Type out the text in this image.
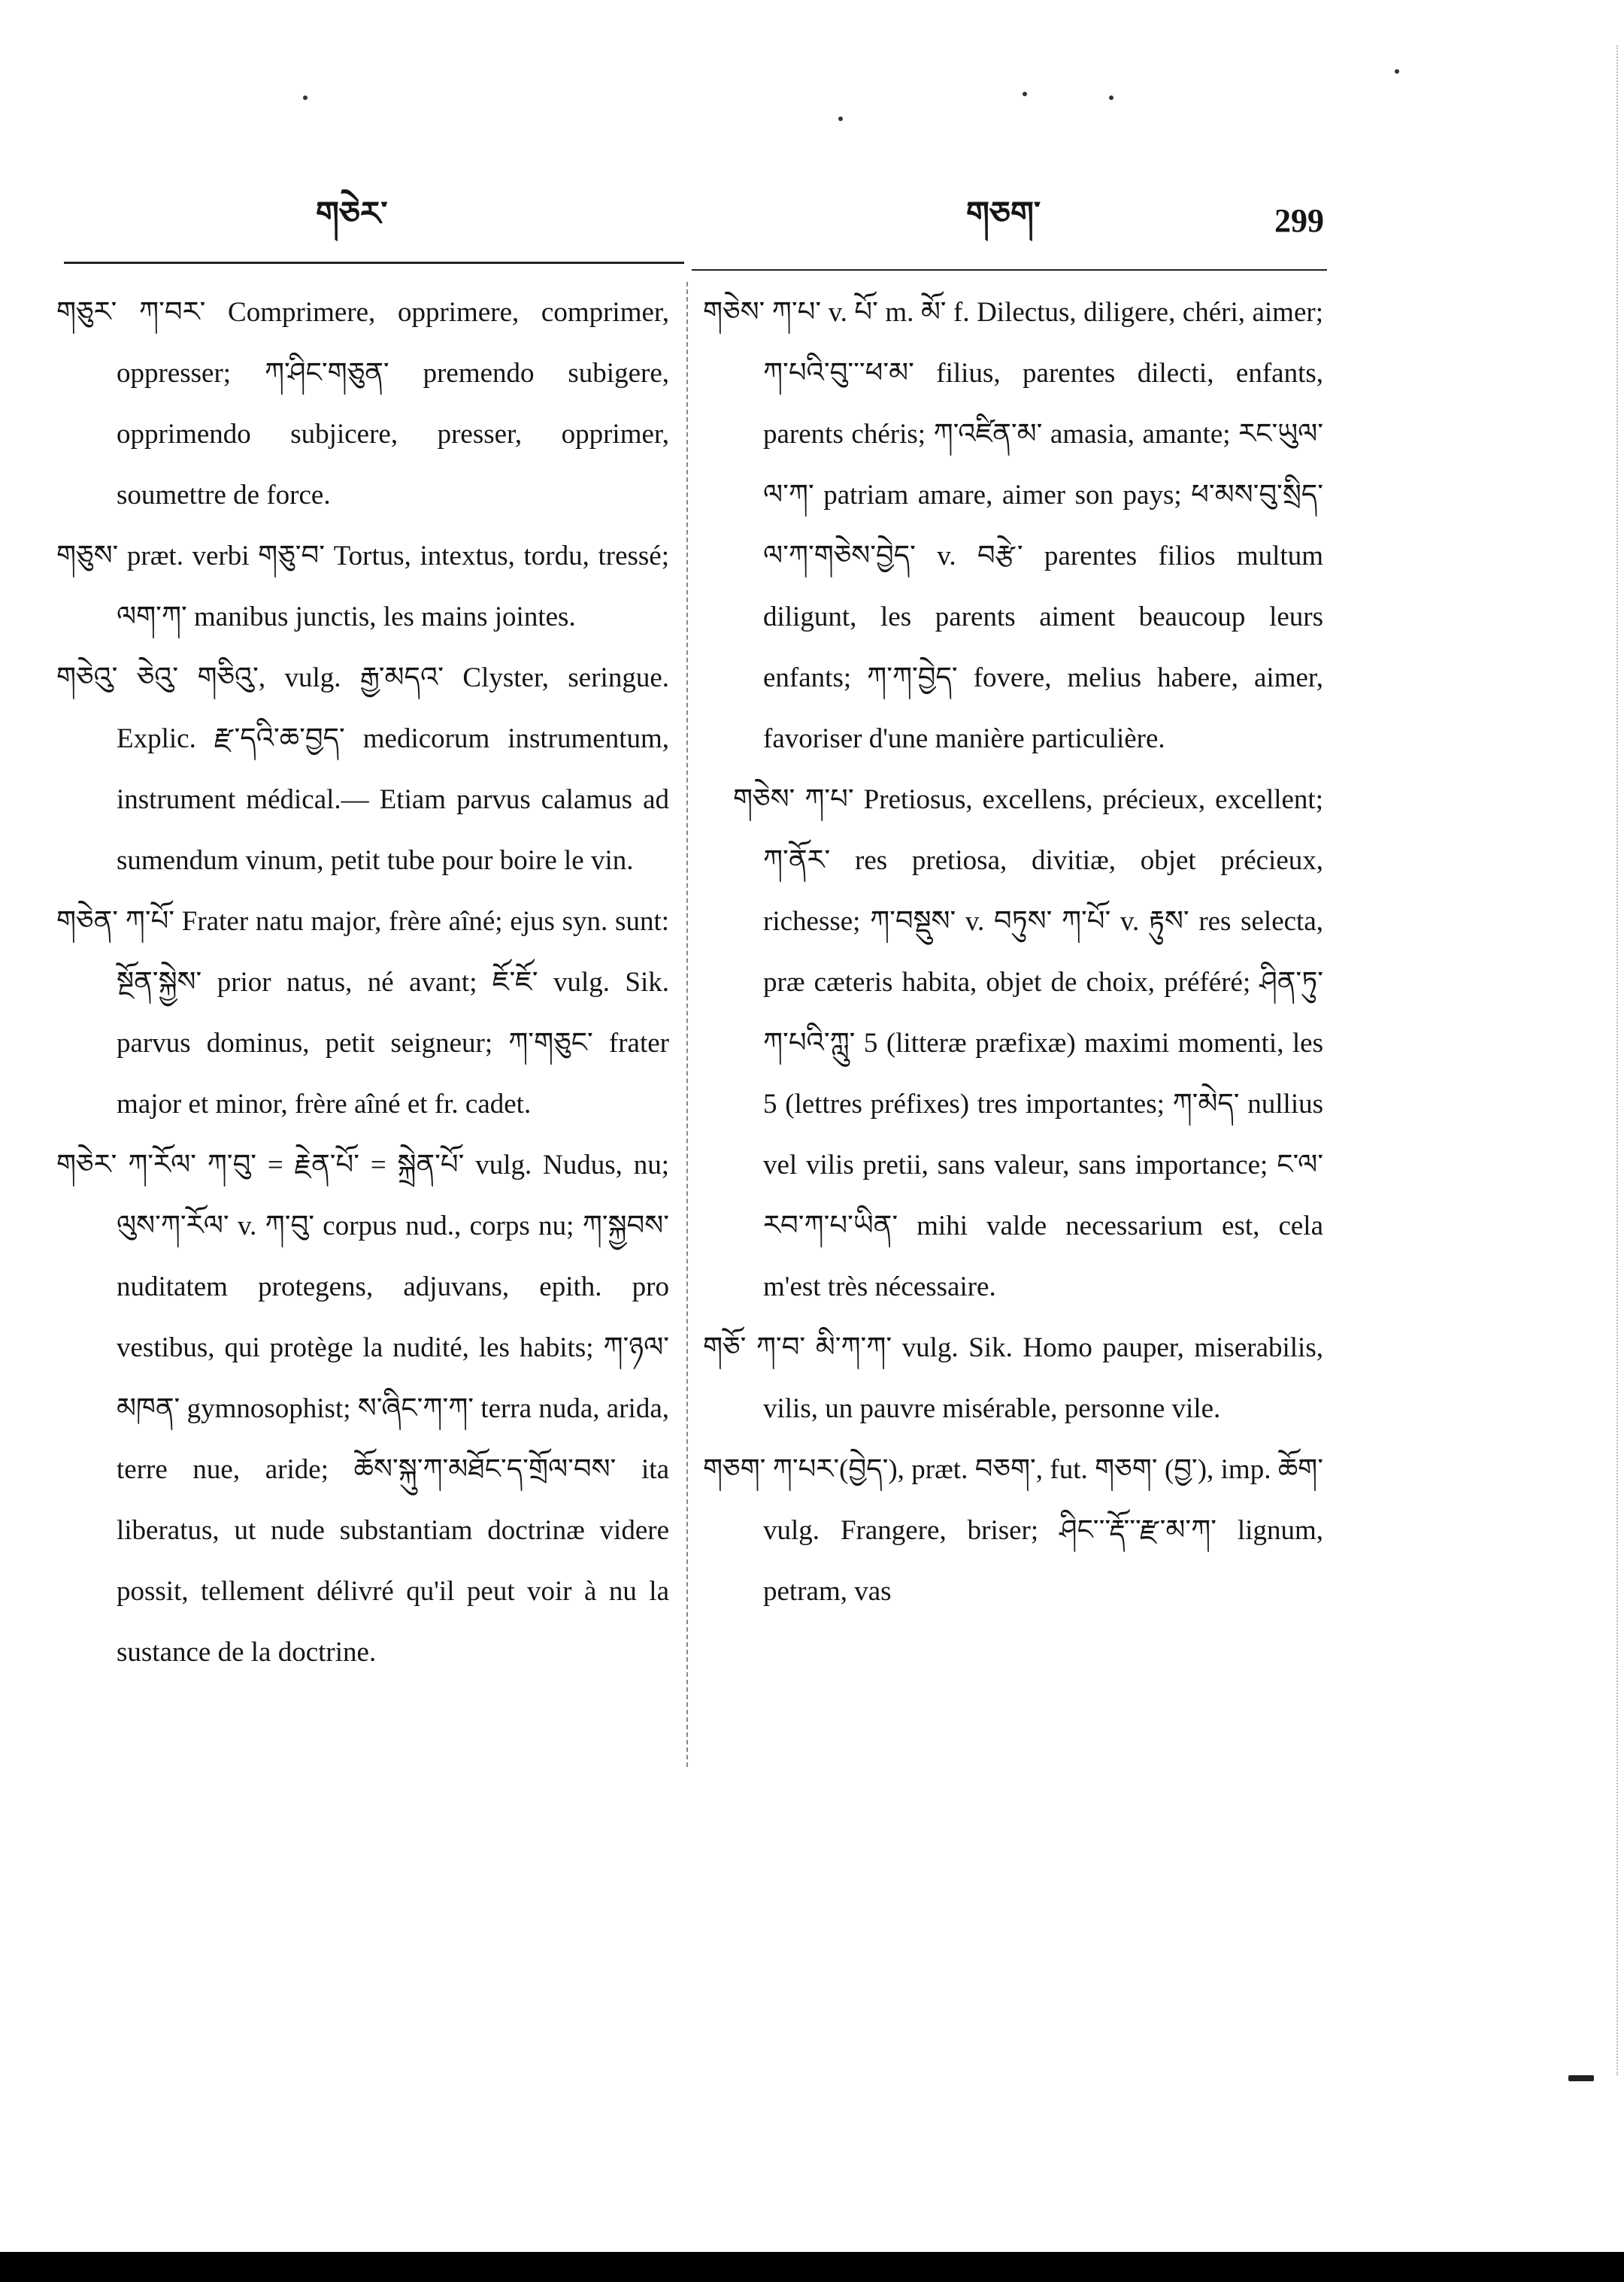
གཅེར་	གཅག་	299

གཅུར་ ཀ་བར་ Comprimere, opprimere, comprimer, oppresser; ཀ་ཤིང་གཅུན་ premendo subigere, opprimendo subjicere, presser, opprimer, soumettre de force.

གཅུས་ præt. verbi གཅུ་བ་ Tortus, intextus, tordu, tressé; ལག་ཀ་ manibus junctis, les mains jointes.

གཅེའུ་ ཅེའུ་ གཅིའུ་, vulg. རྒྱ་མདའ་ Clyster, seringue. Explic. རྫ་དའི་ཆ་བྱད་ medicorum instrumentum, instrument médical.— Etiam parvus calamus ad sumendum vinum, petit tube pour boire le vin.

གཅེན་ ཀ་པོ་ Frater natu major, frère aîné; ejus syn. sunt: སྔོན་སྐྱེས་ prior natus, né avant; ཇོ་ཇོ་ vulg. Sik. parvus dominus, petit seigneur; ཀ་གཅུང་ frater major et minor, frère aîné et fr. cadet.

གཅེར་ ཀ་རོལ་ ཀ་བུ་ = རྗེན་པོ་ = སྐྲེན་པོ་ vulg. Nudus, nu; ལུས་ཀ་རོལ་ v. ཀ་བུ་ corpus nud., corps nu; ཀ་སྐྱབས་ nuditatem protegens, adjuvans, epith. pro vestibus, qui protège la nudité, les habits; ཀ་ཉལ་མཁན་ gymnosophist; ས་ཞིང་ཀ་ཀ་ terra nuda, arida, terre nue, aride; ཆོས་སྐུ་ཀ་མཐོང་ད་གྲོལ་བས་ ita liberatus, ut nude substantiam doctrinæ videre possit, tellement délivré qu'il peut voir à nu la sustance de la doctrine.

གཅེས་ ཀ་པ་ v. པོ་ m. མོ་ f. Dilectus, diligere, chéri, aimer; ཀ་པའི་བུ་་་ཕ་མ་ filius, parentes dilecti, enfants, parents chéris; ཀ་འཛིན་མ་ amasia, amante; རང་ཡུལ་ལ་ཀ་ patriam amare, aimer son pays; ཕ་མས་བུ་སྲིད་ལ་ཀ་གཅེས་བྱེད་ v. བརྩེ་ parentes filios multum diligunt, les parents aiment beaucoup leurs enfants; ཀ་ཀ་བྱེད་ fovere, melius habere, aimer, favoriser d'une manière particulière.

གཅེས་ ཀ་པ་ Pretiosus, excellens, précieux, excellent; ཀ་ནོར་ res pretiosa, divitiæ, objet précieux, richesse; ཀ་བསྡུས་ v. བཏུས་ ཀ་པོ་ v. རྟུས་ res selecta, præ cæteris habita, objet de choix, préféré; ཤིན་ཏུ་ཀ་པའི་ཀླུ་ 5 (litteræ præfixæ) maximi momenti, les 5 (lettres préfixes) tres importantes; ཀ་མེད་ nullius vel vilis pretii, sans valeur, sans importance; ང་ལ་རབ་ཀ་པ་ཡིན་ mihi valde necessarium est, cela m'est très nécessaire.

གཅོ་ ཀ་བ་ མི་ཀ་ཀ་ vulg. Sik. Homo pauper, miserabilis, vilis, un pauvre misérable, personne vile.

གཅག་ ཀ་པར་(བྱེད་), præt. བཅག་, fut. གཅག་ (བྱ་), imp. ཆོག་ vulg. Frangere, briser; ཤིང་་་རྡོ་་་རྫ་མ་ཀ་ lignum, petram, vas
